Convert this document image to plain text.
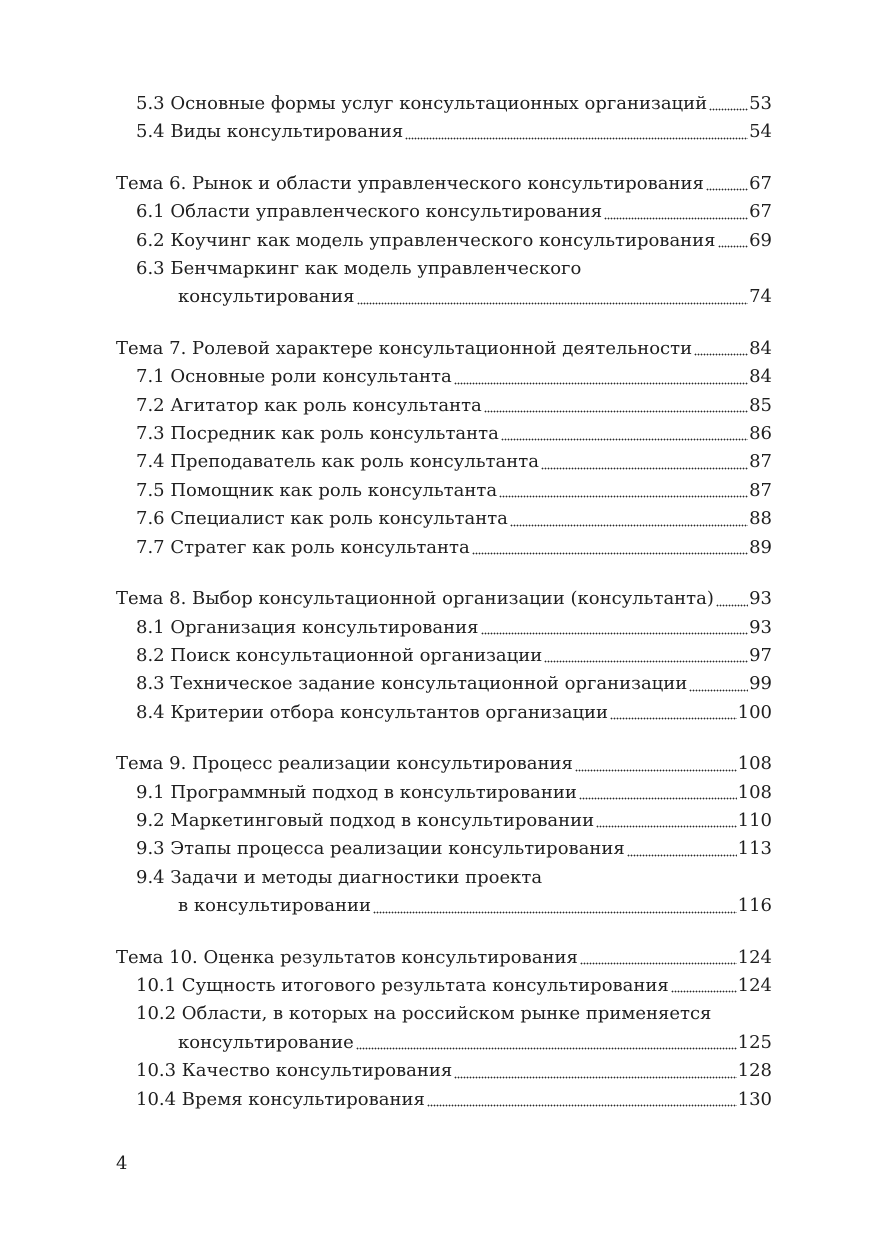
5.3 Основные формы услуг консультационных организаций 53
5.4 Виды консультирования	54
Тема 6. Рынок и области управленческого консультирования	67
6.1 Области управленческого консультирования	67
6.2 Коучинг как модель управленческого консультирования 69
6.3 Бенчмаркинг как модель управленческого
консультирования	74
Тема 7. Ролевой характере консультационной деятельности	84
7.1 Основные роли консультанта	84
7.2 Агитатор как роль консультанта	85
7.3 Посредник как роль консультанта	86
7.4 Преподаватель как роль консультанта	87
7.5 Помощник как роль консультанта	87
7.6 Специалист как роль консультанта	88
7.7 Стратег как роль консультанта	89
Тема 8. Выбор консультационной организации (консультанта) 93
8.1 Организация консультирования	93
8.2 Поиск консультационной организации	97
8.3 Техническое задание консультационной организации	99
8.4 Критерии отбора консультантов организации	100
Тема 9. Процесс реализации консультирования	108
9.1 Программный подход в консультировании	108
9.2 Маркетинговый подход в консультировании	110
9.3 Этапы процесса реализации консультирования	113
9.4 Задачи и методы диагностики проекта
в консультировании	116
Тема 10. Оценка результатов консультирования	124
10.1 Сущность итогового результата консультирования	124
10.2 Области, в которых на российском рынке применяется
консультирование	125
10.3 Качество консультирования	128
10.4 Время консультирования	130
4
